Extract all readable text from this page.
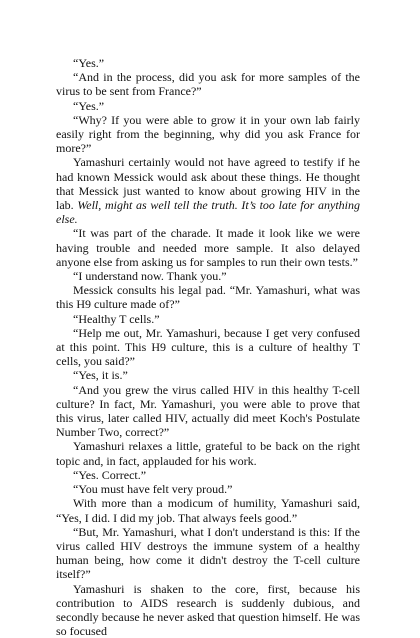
“Yes.”

“And in the process, did you ask for more samples of the virus to be sent from France?”

“Yes.”

“Why? If you were able to grow it in your own lab fairly easily right from the beginning, why did you ask France for more?”

Yamashuri certainly would not have agreed to testify if he had known Messick would ask about these things. He thought that Messick just wanted to know about growing HIV in the lab. Well, might as well tell the truth. It’s too late for anything else.

“It was part of the charade. It made it look like we were having trouble and needed more sample. It also delayed anyone else from asking us for samples to run their own tests.”

“I understand now. Thank you.”

Messick consults his legal pad. “Mr. Yamashuri, what was this H9 culture made of?”

“Healthy T cells.”

“Help me out, Mr. Yamashuri, because I get very confused at this point. This H9 culture, this is a culture of healthy T cells, you said?”

“Yes, it is.”

“And you grew the virus called HIV in this healthy T-cell culture? In fact, Mr. Yamashuri, you were able to prove that this virus, later called HIV, actually did meet Koch's Postulate Number Two, correct?”

Yamashuri relaxes a little, grateful to be back on the right topic and, in fact, applauded for his work.

“Yes. Correct.”

“You must have felt very proud.”

With more than a modicum of humility, Yamashuri said, “Yes, I did. I did my job. That always feels good.”

“But, Mr. Yamashuri, what I don't understand is this: If the virus called HIV destroys the immune system of a healthy human being, how come it didn't destroy the T-cell culture itself?”

Yamashuri is shaken to the core, first, because his contribution to AIDS research is suddenly dubious, and secondly because he never asked that question himself. He was so focused
